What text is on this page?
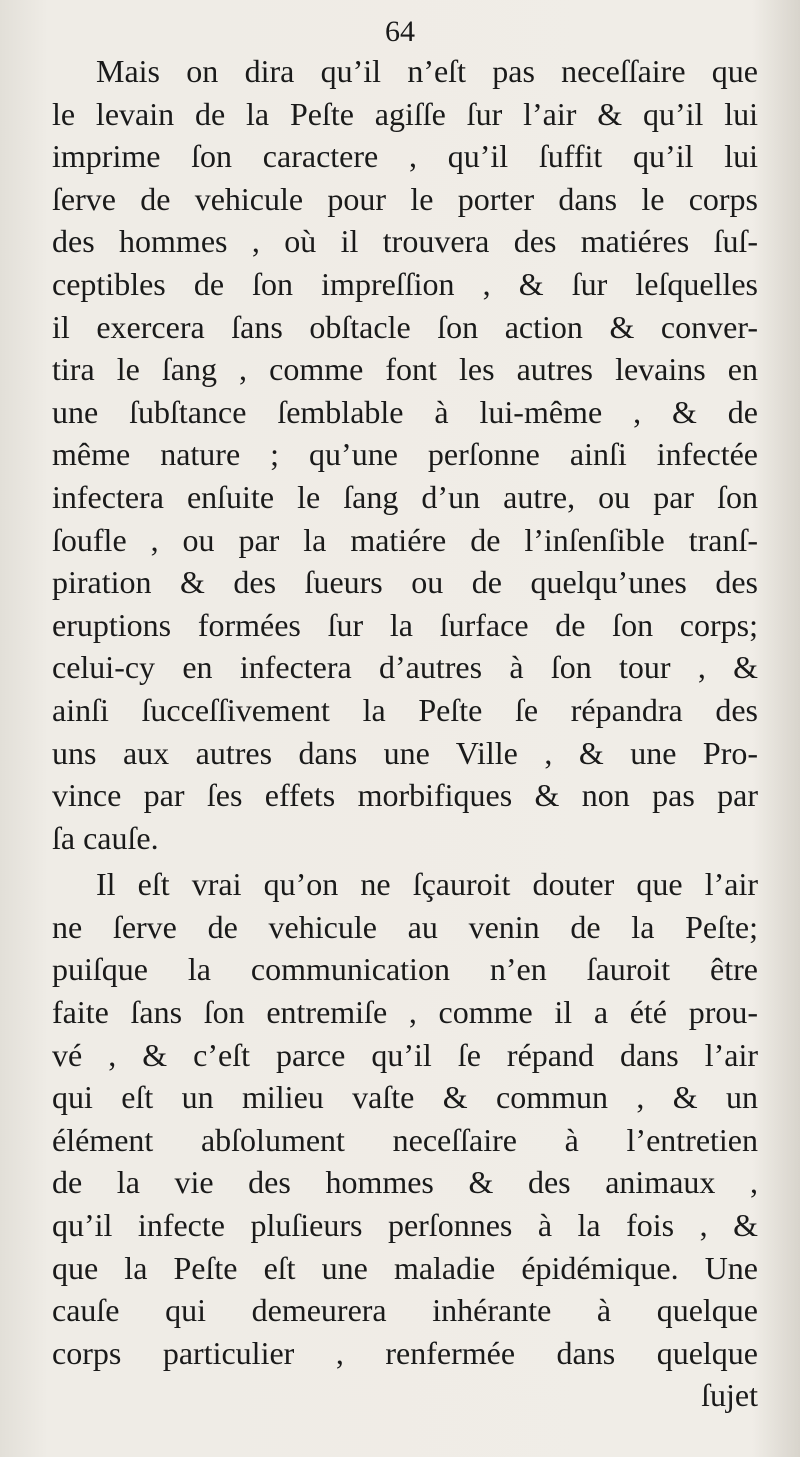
64
Mais on dira qu’il n’eſt pas neceſſaire que
le levain de la Peſte agiſſe ſur l’air & qu’il lui
imprime ſon caractere , qu’il ſuffit qu’il lui
ſerve de vehicule pour le porter dans le corps
des hommes , où il trouvera des matiéres ſuſ-
ceptibles de ſon impreſſion , & ſur leſquelles
il exercera ſans obſtacle ſon action & conver-
tira le ſang , comme font les autres levains en
une ſubſtance ſemblable à lui-même , & de
même nature ; qu’une perſonne ainſi infectée
infectera enſuite le ſang d’un autre, ou par ſon
ſoufle , ou par la matiére de l’inſenſible tranſ-
piration & des ſueurs ou de quelqu’unes des
eruptions formées ſur la ſurface de ſon corps;
celui-cy en infectera d’autres à ſon tour , &
ainſi ſucceſſivement la Peſte ſe répandra des
uns aux autres dans une Ville , & une Pro-
vince par ſes effets morbifiques & non pas par
ſa cauſe.
Il eſt vrai qu’on ne ſçauroit douter que l’air
ne ſerve de vehicule au venin de la Peſte;
puiſque la communication n’en ſauroit être
faite ſans ſon entremiſe , comme il a été prou-
vé , & c’eſt parce qu’il ſe répand dans l’air
qui eſt un milieu vaſte & commun , & un
élément abſolument neceſſaire à l’entretien
de la vie des hommes & des animaux ,
qu’il infecte pluſieurs perſonnes à la fois , &
que la Peſte eſt une maladie épidémique. Une
cauſe qui demeurera inhérante à quelque
corps particulier , renfermée dans quelque
ſujet
